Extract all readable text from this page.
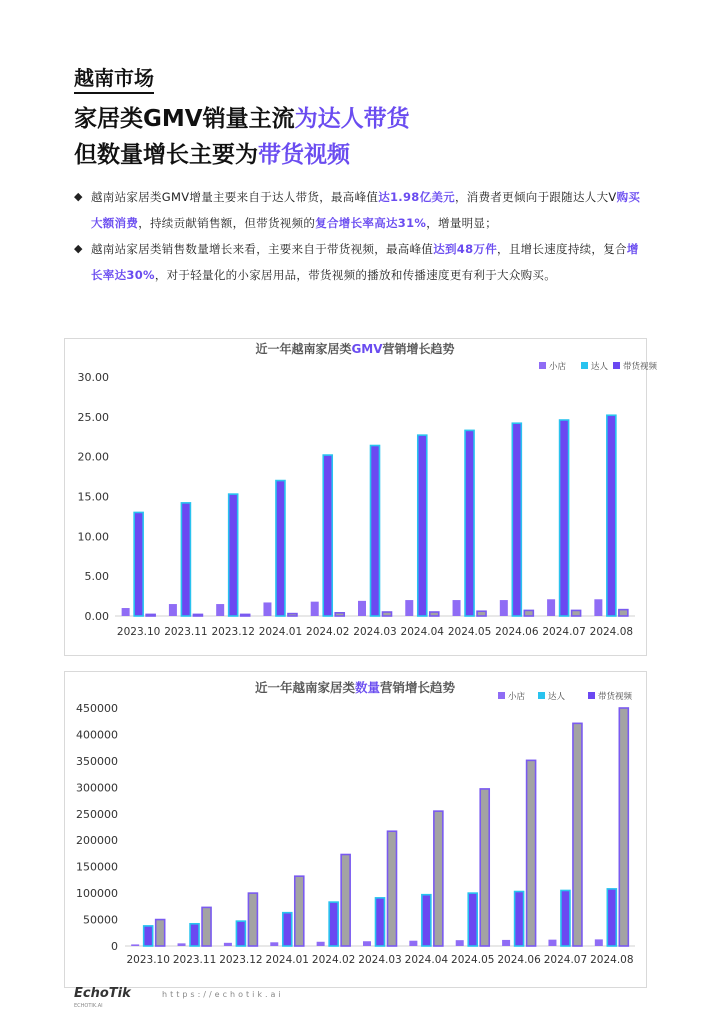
越南市场
家居类GMV销量主流为达人带货
但数量增长主要为带货视频
◆ 越南站家居类GMV增量主要来自于达人带货，最高峰值达1.98亿美元，消费者更倾向于跟随达人大V购买大额消费，持续贡献销售额，但带货视频的复合增长率高达31%，增量明显；
◆ 越南站家居类销售数量增长来看，主要来自于带货视频，最高峰值达到48万件，且增长速度持续，复合增长率达30%，对于轻量化的小家居用品，带货视频的播放和传播速度更有利于大众购买。
近一年越南家居类GMV营销增长趋势
0.00
5.00
10.00
15.00
20.00
25.00
30.00
2023.10 2023.11 2023.12 2024.01 2024.02 2024.03 2024.04 2024.05 2024.06 2024.07 2024.08
小店	达人 带货视频
近一年越南家居类数量营销增长趋势
0
50000
100000
150000
200000
250000
300000
350000
400000
450000
2023.10 2023.11 2023.12 2024.01 2024.02 2024.03 2024.04 2024.05 2024.06 2024.07 2024.08
小店	达人	带货视频
EchoTik
ECHOTIK.AI
https://echotik.ai
